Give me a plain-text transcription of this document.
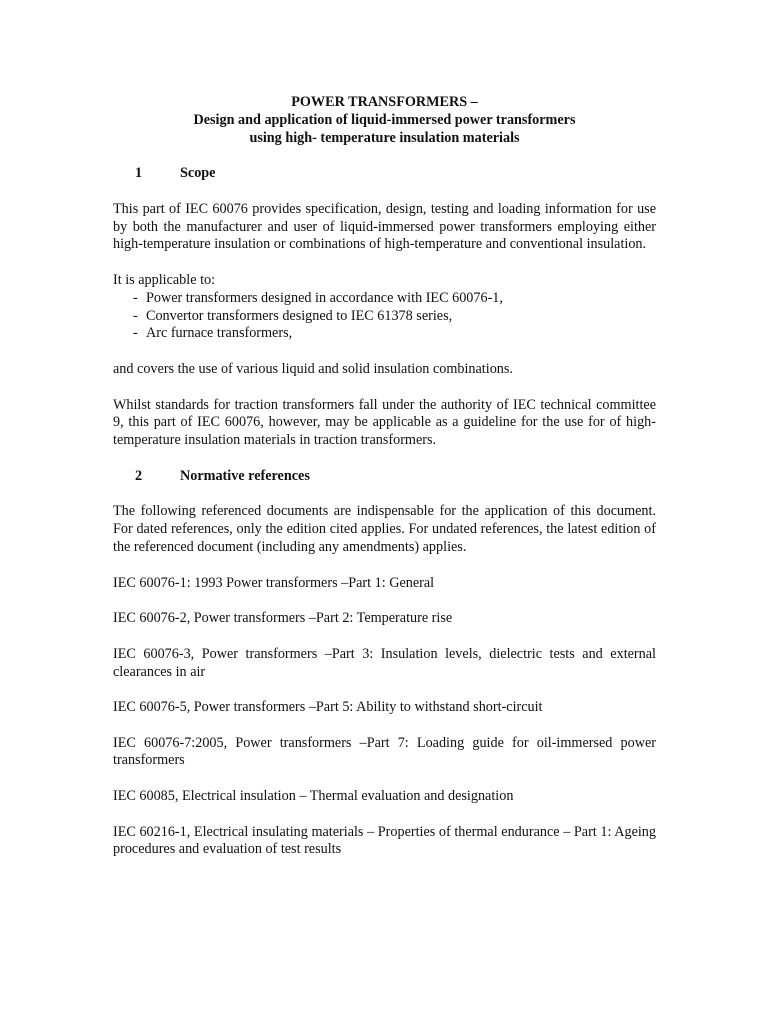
POWER TRANSFORMERS –
Design and application of liquid-immersed power transformers
using high- temperature insulation materials
1	Scope

This part of IEC 60076 provides specification, design, testing and loading information for use by both the manufacturer and user of liquid-immersed power transformers employing either high-temperature insulation or combinations of high-temperature and conventional insulation.

It is applicable to:

- Power transformers designed in accordance with IEC 60076-1,
- Convertor transformers designed to IEC 61378 series,
- Arc furnace transformers,

and covers the use of various liquid and solid insulation combinations.

Whilst standards for traction transformers fall under the authority of IEC technical committee 9, this part of IEC 60076, however, may be applicable as a guideline for the use for of high-temperature insulation materials in traction transformers.

2	Normative references

The following referenced documents are indispensable for the application of this document. For dated references, only the edition cited applies. For undated references, the latest edition of the referenced document (including any amendments) applies.

IEC 60076-1: 1993 Power transformers –Part 1: General

IEC 60076-2, Power transformers –Part 2: Temperature rise

IEC 60076-3, Power transformers –Part 3: Insulation levels, dielectric tests and external clearances in air

IEC 60076-5, Power transformers –Part 5: Ability to withstand short-circuit

IEC 60076-7:2005, Power transformers –Part 7: Loading guide for oil-immersed power transformers

IEC 60085, Electrical insulation – Thermal evaluation and designation

IEC 60216-1, Electrical insulating materials – Properties of thermal endurance – Part 1: Ageing procedures and evaluation of test results
